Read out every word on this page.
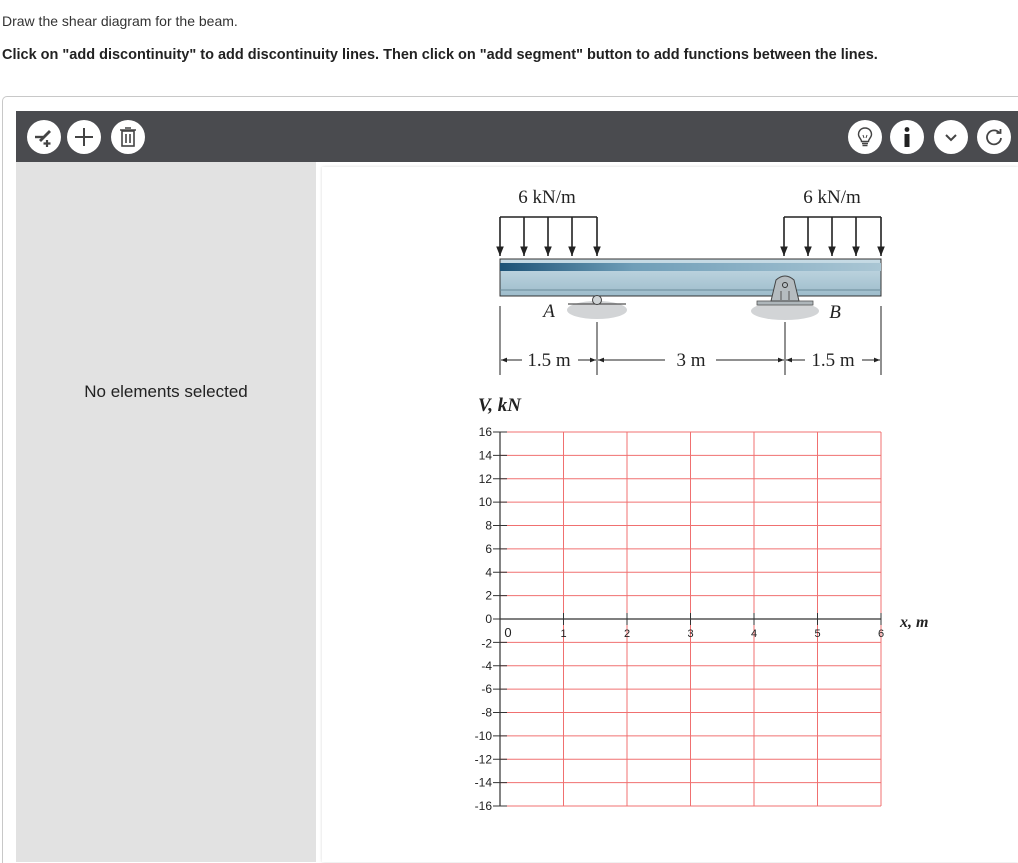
Draw the shear diagram for the beam.
Click on "add discontinuity" to add discontinuity lines. Then click on "add segment" button to add functions between the lines.
No elements selected
6 kN/m	6 kN/m
A	B
1.5 m	3 m	1.5 m
V, kN
x, m
16
14
12
10
8
6
4
2
0
-2
-4
-6
-8
-10
-12
-14
-16
0	1	2	3	4	5	6
